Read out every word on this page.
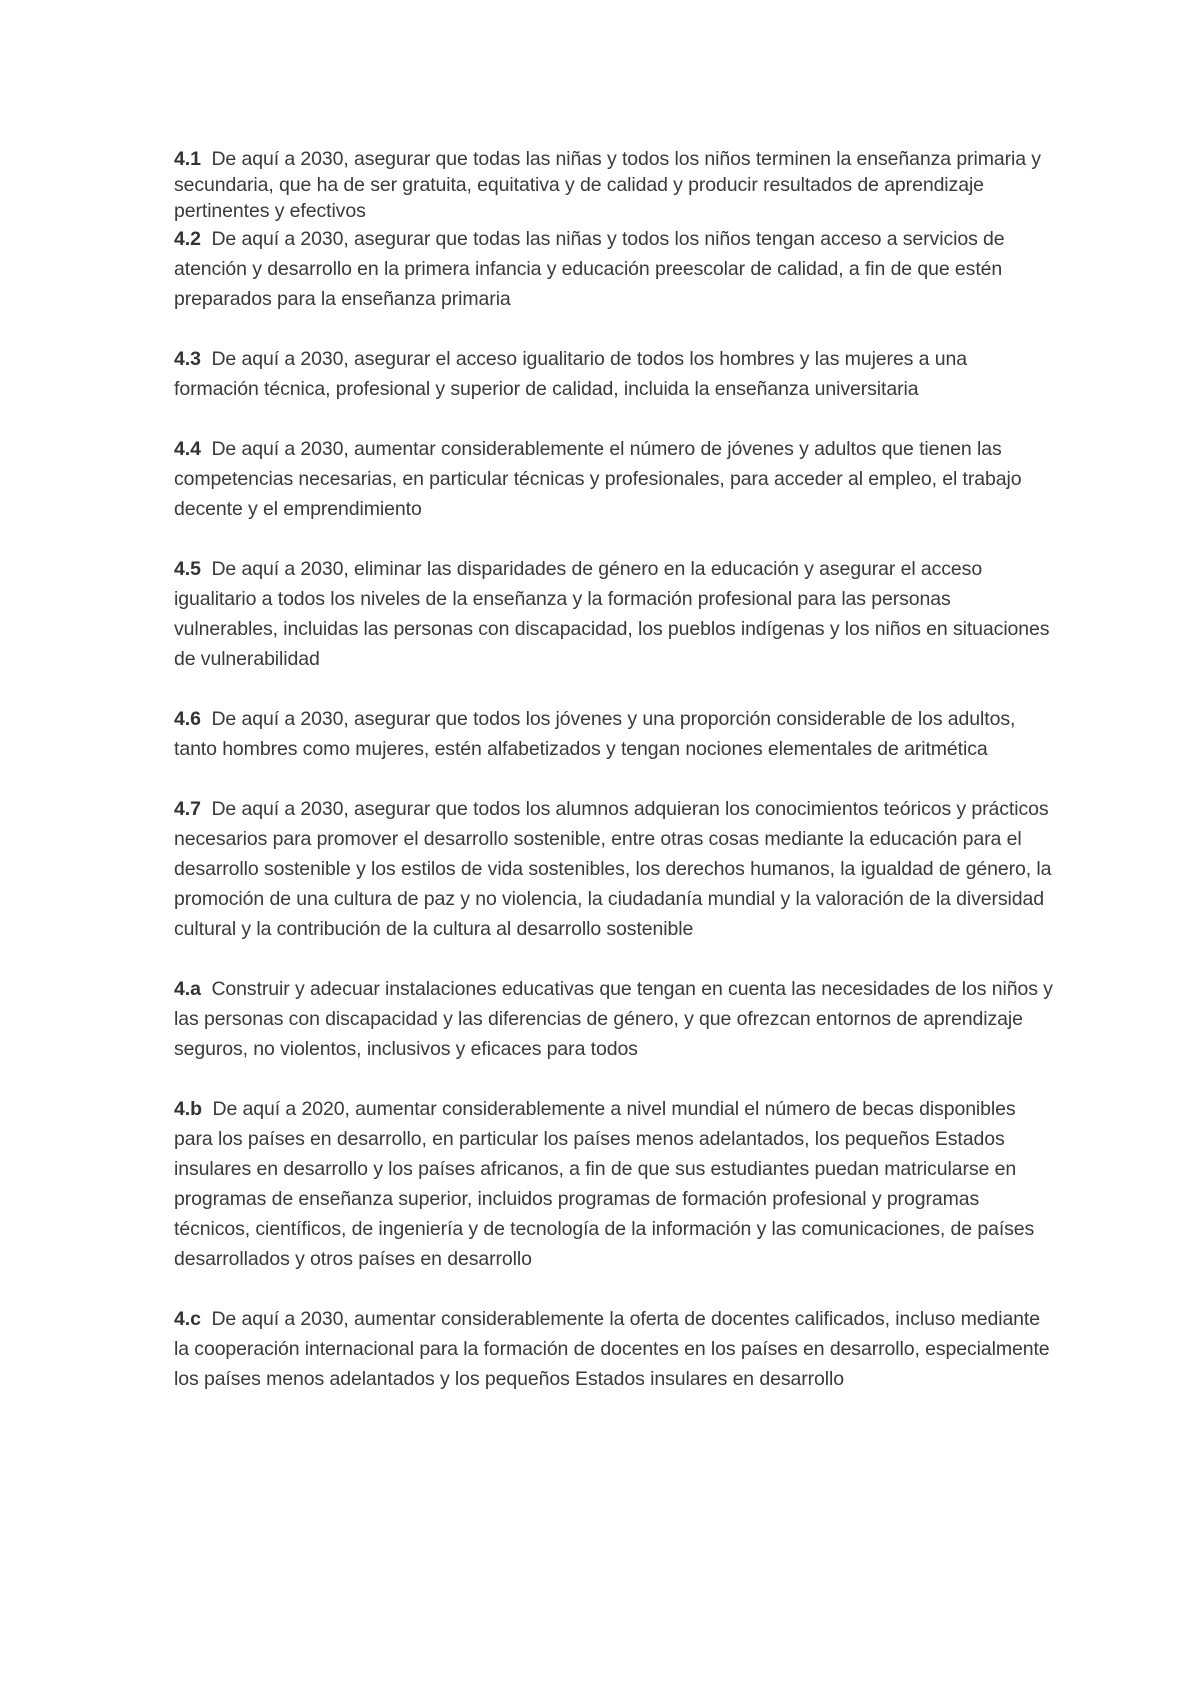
4.1 De aquí a 2030, asegurar que todas las niñas y todos los niños terminen la enseñanza primaria y secundaria, que ha de ser gratuita, equitativa y de calidad y producir resultados de aprendizaje pertinentes y efectivos

4.2 De aquí a 2030, asegurar que todas las niñas y todos los niños tengan acceso a servicios de atención y desarrollo en la primera infancia y educación preescolar de calidad, a fin de que estén preparados para la enseñanza primaria

4.3 De aquí a 2030, asegurar el acceso igualitario de todos los hombres y las mujeres a una formación técnica, profesional y superior de calidad, incluida la enseñanza universitaria

4.4 De aquí a 2030, aumentar considerablemente el número de jóvenes y adultos que tienen las competencias necesarias, en particular técnicas y profesionales, para acceder al empleo, el trabajo decente y el emprendimiento

4.5 De aquí a 2030, eliminar las disparidades de género en la educación y asegurar el acceso igualitario a todos los niveles de la enseñanza y la formación profesional para las personas vulnerables, incluidas las personas con discapacidad, los pueblos indígenas y los niños en situaciones de vulnerabilidad

4.6 De aquí a 2030, asegurar que todos los jóvenes y una proporción considerable de los adultos, tanto hombres como mujeres, estén alfabetizados y tengan nociones elementales de aritmética

4.7 De aquí a 2030, asegurar que todos los alumnos adquieran los conocimientos teóricos y prácticos necesarios para promover el desarrollo sostenible, entre otras cosas mediante la educación para el desarrollo sostenible y los estilos de vida sostenibles, los derechos humanos, la igualdad de género, la promoción de una cultura de paz y no violencia, la ciudadanía mundial y la valoración de la diversidad cultural y la contribución de la cultura al desarrollo sostenible

4.a Construir y adecuar instalaciones educativas que tengan en cuenta las necesidades de los niños y las personas con discapacidad y las diferencias de género, y que ofrezcan entornos de aprendizaje seguros, no violentos, inclusivos y eficaces para todos

4.b De aquí a 2020, aumentar considerablemente a nivel mundial el número de becas disponibles para los países en desarrollo, en particular los países menos adelantados, los pequeños Estados insulares en desarrollo y los países africanos, a fin de que sus estudiantes puedan matricularse en programas de enseñanza superior, incluidos programas de formación profesional y programas técnicos, científicos, de ingeniería y de tecnología de la información y las comunicaciones, de países desarrollados y otros países en desarrollo

4.c De aquí a 2030, aumentar considerablemente la oferta de docentes calificados, incluso mediante la cooperación internacional para la formación de docentes en los países en desarrollo, especialmente los países menos adelantados y los pequeños Estados insulares en desarrollo
